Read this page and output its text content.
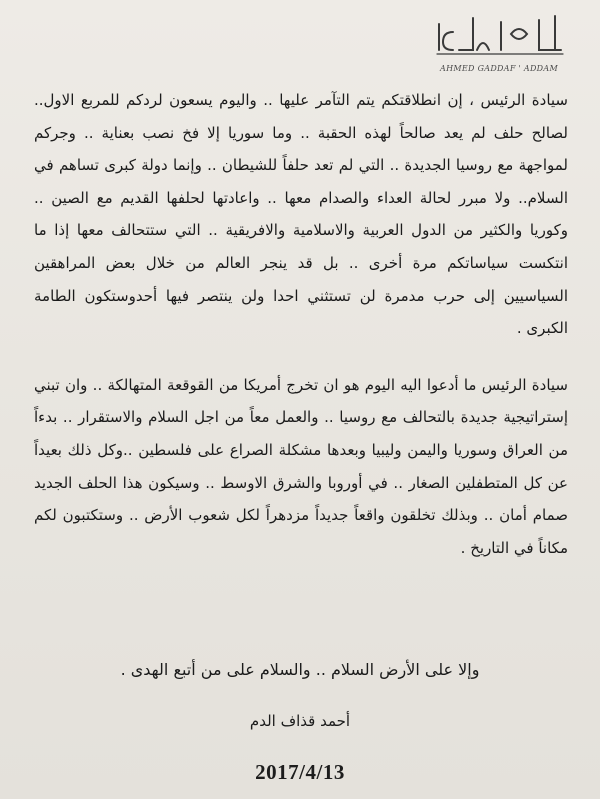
AHMED GADDAF ' ADDAM

سيادة الرئيس ، إن انطلاقتكم يتم التآمر عليها .. واليوم يسعون لردكم للمربع الاول.. لصالح حلف لم يعد صالحاً لهذه الحقبة .. وما سوريا إلا فخ نصب بعناية .. وجركم لمواجهة مع روسيا الجديدة .. التي لم تعد حلفاً للشيطان .. وإنما دولة كبرى تساهم في السلام.. ولا مبرر لحالة العداء والصدام معها .. واعادتها لحلفها القديم مع الصين .. وكوريا والكثير من الدول العربية والاسلامية والافريقية .. التي ستتحالف معها إذا ما انتكست سياساتكم مرة أخرى .. بل قد ينجر العالم من خلال بعض المراهقين السياسيين إلى حرب مدمرة لن تستثني احدا ولن ينتصر فيها أحدوستكون الطامة الكبرى .

سيادة الرئيس ما أدعوا اليه اليوم هو ان تخرج أمريكا من القوقعة المتهالكة .. وان تبني إستراتيجية جديدة بالتحالف مع روسيا .. والعمل معاً من اجل السلام والاستقرار .. بدءاً من العراق وسوريا واليمن وليبيا وبعدها مشكلة الصراع على فلسطين ..وكل ذلك بعيداً عن كل المتطفلين الصغار .. في أوروبا والشرق الاوسط .. وسيكون هذا الحلف الجديد صمام أمان .. وبذلك تخلقون واقعاً جديداً مزدهراً لكل شعوب الأرض .. وستكتبون لكم مكاناً في التاريخ .

وإلا على الأرض السلام .. والسلام على من أتبع الهدى .
أحمد قذاف الدم
2017/4/13
